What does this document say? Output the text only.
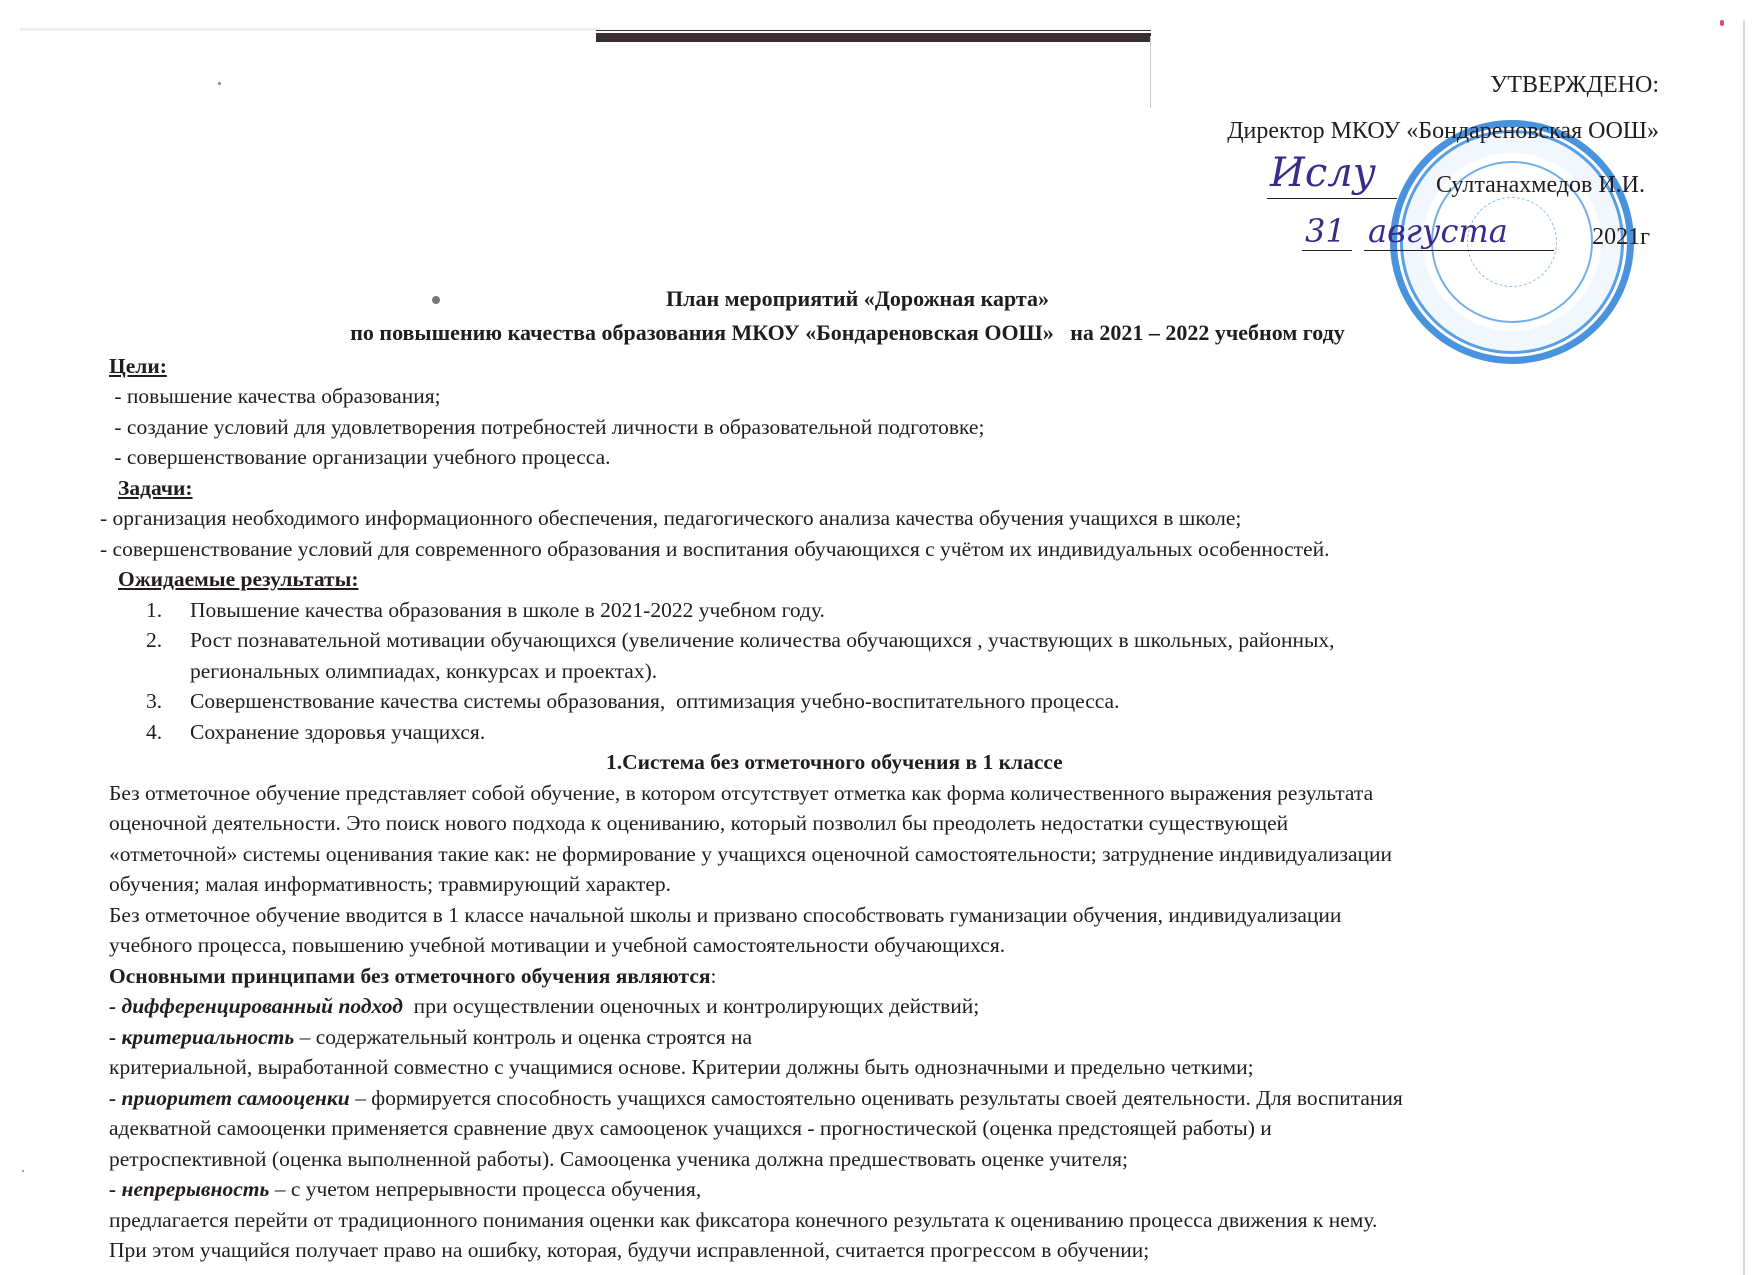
УТВЕРЖДЕНО:
Директор МКОУ «Бондареновская ООШ»
Ислу	Султанахмедов И.И.
31 августа	2021г
План мероприятий «Дорожная карта»
по повышению качества образования МКОУ «Бондареновская ООШ»   на 2021 – 2022 учебном году
Цели:
- повышение качества образования;
- создание условий для удовлетворения потребностей личности в образовательной подготовке;
- совершенствование организации учебного процесса.
Задачи:
- организация необходимого информационного обеспечения, педагогического анализа качества обучения учащихся в школе;
- совершенствование условий для современного образования и воспитания обучающихся с учётом их индивидуальных особенностей.
Ожидаемые результаты:
1. Повышение качества образования в школе в 2021-2022 учебном году.
2. Рост познавательной мотивации обучающихся (увеличение количества обучающихся , участвующих в школьных, районных,
региональных олимпиадах, конкурсах и проектах).
3. Совершенствование качества системы образования,  оптимизация учебно-воспитательного процесса.
4. Сохранение здоровья учащихся.
1.Система без отметочного обучения в 1 классе
Без отметочное обучение представляет собой обучение, в котором отсутствует отметка как форма количественного выражения результата
оценочной деятельности. Это поиск нового подхода к оцениванию, который позволил бы преодолеть недостатки существующей
«отметочной» системы оценивания такие как: не формирование у учащихся оценочной самостоятельности; затруднение индивидуализации
обучения; малая информативность; травмирующий характер.
Без отметочное обучение вводится в 1 классе начальной школы и призвано способствовать гуманизации обучения, индивидуализации
учебного процесса, повышению учебной мотивации и учебной самостоятельности обучающихся.
Основными принципами без отметочного обучения являются:
- дифференцированный подход  при осуществлении оценочных и контролирующих действий;
- критериальность – содержательный контроль и оценка строятся на
критериальной, выработанной совместно с учащимися основе. Критерии должны быть однозначными и предельно четкими;
- приоритет самооценки – формируется способность учащихся самостоятельно оценивать результаты своей деятельности. Для воспитания
адекватной самооценки применяется сравнение двух самооценок учащихся - прогностической (оценка предстоящей работы) и
ретроспективной (оценка выполненной работы). Самооценка ученика должна предшествовать оценке учителя;
- непрерывность – с учетом непрерывности процесса обучения,
предлагается перейти от традиционного понимания оценки как фиксатора конечного результата к оцениванию процесса движения к нему.
При этом учащийся получает право на ошибку, которая, будучи исправленной, считается прогрессом в обучении;
